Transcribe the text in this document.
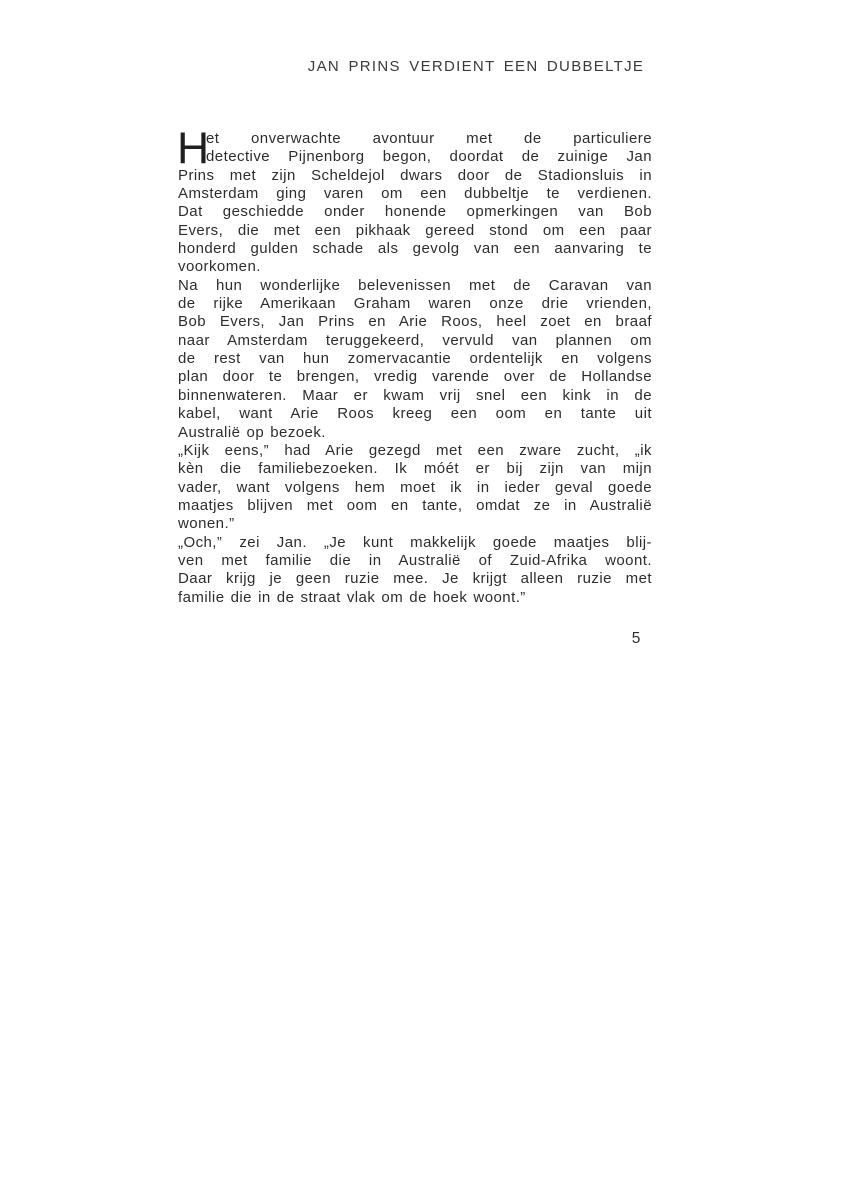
JAN PRINS VERDIENT EEN DUBBELTJE
H
et onverwachte avontuur met de particuliere
detective Pijnenborg begon, doordat de zuinige Jan
Prins met zijn Scheldejol dwars door de Stadionsluis in
Amsterdam ging varen om een dubbeltje te verdienen.
Dat geschiedde onder honende opmerkingen van Bob
Evers, die met een pikhaak gereed stond om een paar
honderd gulden schade als gevolg van een aanvaring te
voorkomen.
Na hun wonderlijke belevenissen met de Caravan van
de rijke Amerikaan Graham waren onze drie vrienden,
Bob Evers, Jan Prins en Arie Roos, heel zoet en braaf
naar Amsterdam teruggekeerd, vervuld van plannen om
de rest van hun zomervacantie ordentelijk en volgens
plan door te brengen, vredig varende over de Hollandse
binnenwateren. Maar er kwam vrij snel een kink in de
kabel, want Arie Roos kreeg een oom en tante uit
Australië op bezoek.
„Kijk eens,” had Arie gezegd met een zware zucht, „ik
kèn die familiebezoeken. Ik móét er bij zijn van mijn
vader, want volgens hem moet ik in ieder geval goede
maatjes blijven met oom en tante, omdat ze in Australië
wonen.”
„Och,” zei Jan. „Je kunt makkelijk goede maatjes blij-
ven met familie die in Australië of Zuid-Afrika woont.
Daar krijg je geen ruzie mee. Je krijgt alleen ruzie met
familie die in de straat vlak om de hoek woont.”
5
